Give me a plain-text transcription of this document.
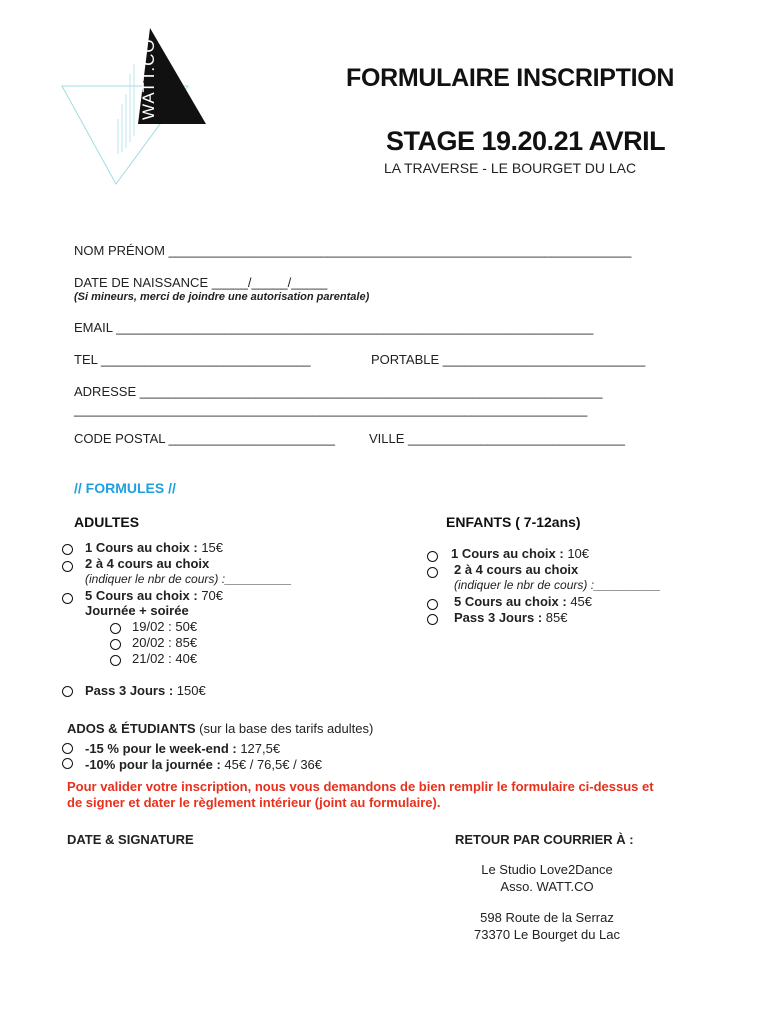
WATT.CO	FORMULAIRE INSCRIPTION
STAGE 19.20.21 AVRIL
LA TRAVERSE - LE BOURGET DU LAC
NOM PRÉNOM ________________________________________________________________
DATE DE NAISSANCE _____/_____/_____
(Si mineurs, merci de joindre une autorisation parentale)
EMAIL __________________________________________________________________
TEL _____________________________	PORTABLE ____________________________
ADRESSE ________________________________________________________________
_______________________________________________________________________
CODE POSTAL _______________________	VILLE ______________________________
// FORMULES //
ADULTES
1 Cours au choix : 15€
2 à 4 cours au choix
(indiquer le nbr de cours) :__________
5 Cours au choix : 70€
Journée + soirée
19/02 : 50€
20/02 : 85€
21/02 : 40€
Pass 3 Jours : 150€
ENFANTS ( 7-12ans)
1 Cours au choix : 10€
2 à 4 cours au choix
(indiquer le nbr de cours) :__________
5 Cours au choix : 45€
Pass 3 Jours : 85€
ADOS & ÉTUDIANTS (sur la base des tarifs adultes)
-15 % pour le week-end : 127,5€
-10% pour la journée : 45€ / 76,5€ / 36€
Pour valider votre inscription, nous vous demandons de bien remplir le formulaire ci-dessus et de signer et dater le règlement intérieur (joint au formulaire).
DATE & SIGNATURE	RETOUR PAR COURRIER À :
Le Studio Love2Dance
Asso. WATT.CO
598 Route de la Serraz
73370 Le Bourget du Lac
